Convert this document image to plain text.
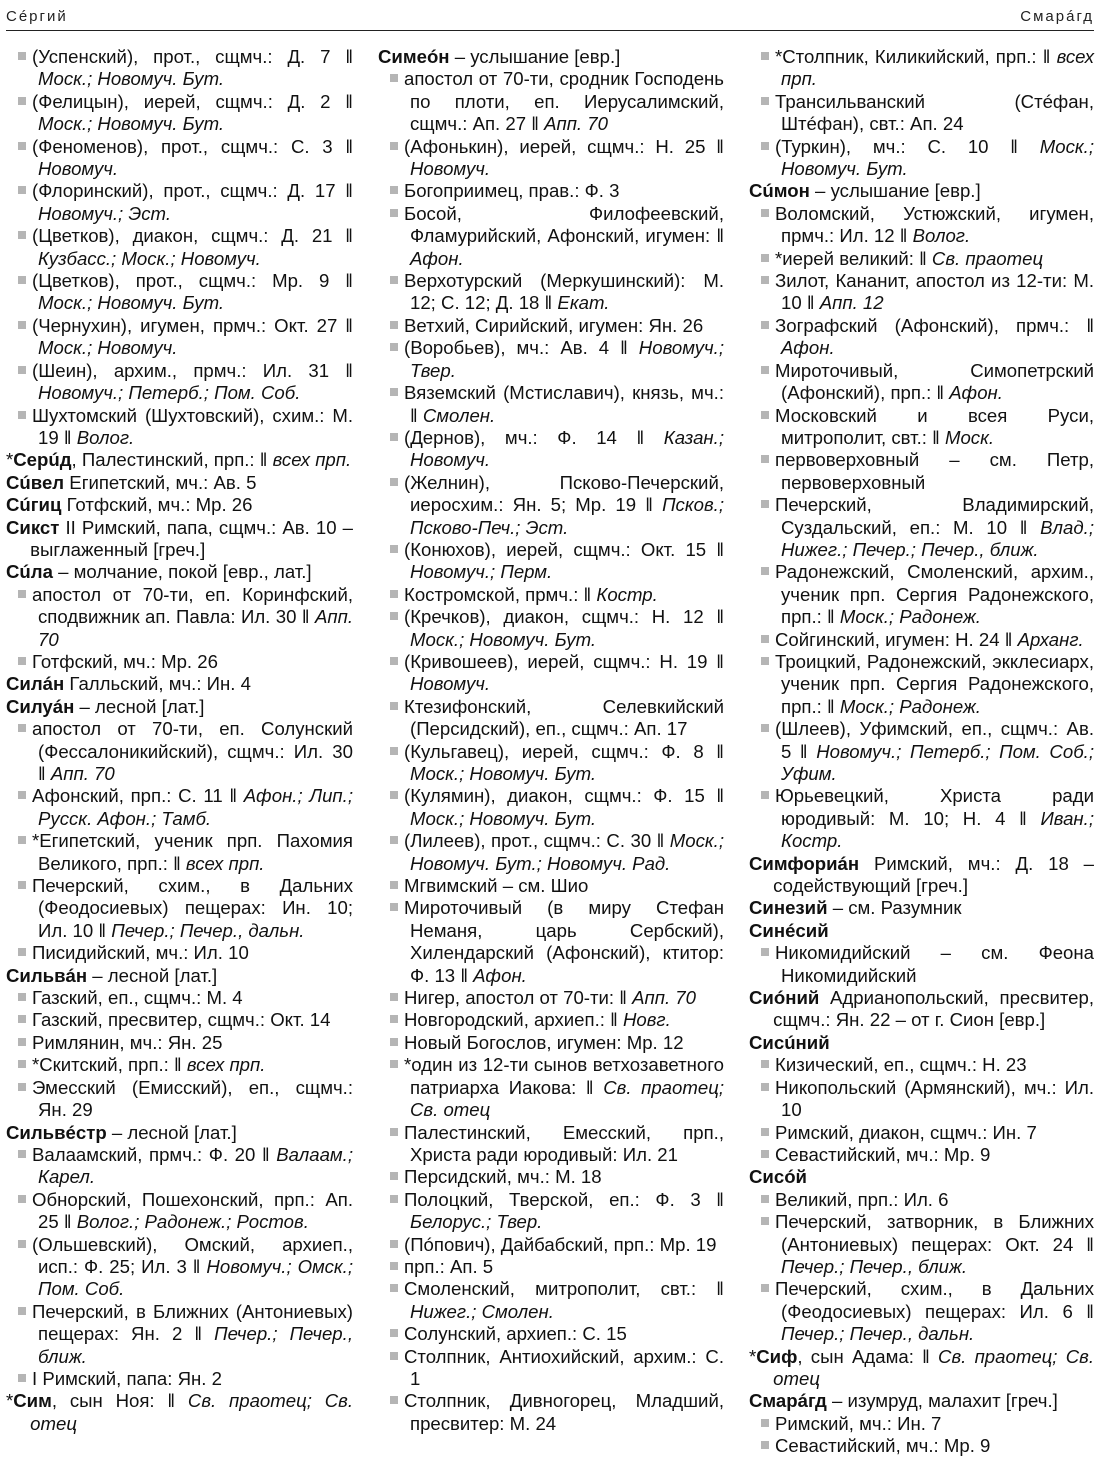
Сéргий	Смарáгд

(Успенский), прот., сщмч.: Д. 7 ‖ Моск.; Новомуч. Бут.

(Фелицын), иерей, сщмч.: Д. 2 ‖ Моск.; Новомуч. Бут.

(Феноменов), прот., сщмч.: С. 3 ‖ Новомуч.

(Флоринский), прот., сщмч.: Д. 17 ‖ Новомуч.; Эст.

(Цветков), диакон, сщмч.: Д. 21 ‖ Кузбасс.; Моск.; Новомуч.

(Цветков), прот., сщмч.: Мр. 9 ‖ Моск.; Новомуч. Бут.

(Чернухин), игумен, прмч.: Окт. 27 ‖ Моск.; Новомуч.

(Шеин), архим., прмч.: Ил. 31 ‖ Новомуч.; Петерб.; Пом. Соб.

Шухтомский (Шухтовский), схим.: М. 19 ‖ Волог.

*Серúд, Палестинский, прп.: ‖ всех прп.

Сúвел Египетский, мч.: Ав. 5

Сúгиц Готфский, мч.: Мр. 26

Сикст II Римский, папа, сщмч.: Ав. 10 – выглаженный [греч.]

Сúла – молчание, покой [евр., лат.]

апостол от 70-ти, еп. Коринфский, сподвижник ап. Павла: Ил. 30 ‖ Апп. 70

Готфский, мч.: Мр. 26

Силáн Галльский, мч.: Ин. 4

Силуáн – лесной [лат.]

апостол от 70-ти, еп. Солунский (Фессалоникийский), сщмч.: Ил. 30 ‖ Апп. 70

Афонский, прп.: С. 11 ‖ Афон.; Лип.; Русск. Афон.; Тамб.

*Египетский, ученик прп. Пахомия Великого, прп.: ‖ всех прп.

Печерский, схим., в Дальних (Феодосиевых) пещерах: Ин. 10; Ил. 10 ‖ Печер.; Печер., дальн.

Писидийский, мч.: Ил. 10

Сильвáн – лесной [лат.]

Газский, еп., сщмч.: М. 4

Газский, пресвитер, сщмч.: Окт. 14

Римлянин, мч.: Ян. 25

*Скитский, прп.: ‖ всех прп.

Эмесский (Емисский), еп., сщмч.: Ян. 29

Сильвéстр – лесной [лат.]

Валаамский, прмч.: Ф. 20 ‖ Валаам.; Карел.

Обнорский, Пошехонский, прп.: Ап. 25 ‖ Волог.; Радонеж.; Ростов.

(Ольшевский), Омский, архиеп., исп.: Ф. 25; Ил. 3 ‖ Новомуч.; Омск.; Пом. Соб.

Печерский, в Ближних (Антониевых) пещерах: Ян. 2 ‖ Печер.; Печер., ближ.

I Римский, папа: Ян. 2

*Сим, сын Ноя: ‖ Св. праотец; Св. отец

Симеóн – услышание [евр.]

апостол от 70-ти, сродник Господень по плоти, еп. Иерусалимский, сщмч.: Ап. 27 ‖ Апп. 70

(Афонькин), иерей, сщмч.: Н. 25 ‖ Новомуч.

Богоприимец, прав.: Ф. 3

Босой, Филофеевский, Фламурийский, Афонский, игумен: ‖ Афон.

Верхотурский (Меркушинский): М. 12; С. 12; Д. 18 ‖ Екат.

Ветхий, Сирийский, игумен: Ян. 26

(Воробьев), мч.: Ав. 4 ‖ Новомуч.; Твер.

Вяземский (Мстиславич), князь, мч.: ‖ Смолен.

(Дернов), мч.: Ф. 14 ‖ Казан.; Новомуч.

(Желнин), Псково-Печерский, иеросхим.: Ян. 5; Мр. 19 ‖ Псков.; Псково-Печ.; Эст.

(Конюхов), иерей, сщмч.: Окт. 15 ‖ Новомуч.; Перм.

Костромской, прмч.: ‖ Костр.

(Кречков), диакон, сщмч.: Н. 12 ‖ Моск.; Новомуч. Бут.

(Кривошеев), иерей, сщмч.: Н. 19 ‖ Новомуч.

Ктезифонский, Селевкийский (Персидский), еп., сщмч.: Ап. 17

(Кульгавец), иерей, сщмч.: Ф. 8 ‖ Моск.; Новомуч. Бут.

(Кулямин), диакон, сщмч.: Ф. 15 ‖ Моск.; Новомуч. Бут.

(Лилеев), прот., сщмч.: С. 30 ‖ Моск.; Новомуч. Бут.; Новомуч. Рад.

Мгвимский – см. Шио

Мироточивый (в миру Стефан Неманя, царь Сербский), Хилендарский (Афонский), ктитор: Ф. 13 ‖ Афон.

Нигер, апостол от 70-ти: ‖ Апп. 70

Новгородский, архиеп.: ‖ Новг.

Новый Богослов, игумен: Мр. 12

*один из 12-ти сынов ветхозаветного патриарха Иакова: ‖ Св. праотец; Св. отец

Палестинский, Емесский, прп., Христа ради юродивый: Ил. 21

Персидский, мч.: М. 18

Полоцкий, Тверской, еп.: Ф. 3 ‖ Белорус.; Твер.

(Пóпович), Дайбабский, прп.: Мр. 19

прп.: Ап. 5

Смоленский, митрополит, свт.: ‖ Нижег.; Смолен.

Солунский, архиеп.: С. 15

Столпник, Антиохийский, архим.: С. 1

Столпник, Дивногорец, Младший, пресвитер: М. 24

*Столпник, Киликийский, прп.: ‖ всех прп.

Трансильванский (Стéфан, Штéфан), свт.: Ап. 24

(Туркин), мч.: С. 10 ‖ Моск.; Новомуч. Бут.

Сúмон – услышание [евр.]

Воломский, Устюжский, игумен, прмч.: Ил. 12 ‖ Волог.

*иерей великий: ‖ Св. праотец

Зилот, Кананит, апостол из 12-ти: М. 10 ‖ Апп. 12

Зографский (Афонский), прмч.: ‖ Афон.

Мироточивый, Симопетрский (Афонский), прп.: ‖ Афон.

Московский и всея Руси, митрополит, свт.: ‖ Моск.

первоверховный – см. Петр, первоверховный

Печерский, Владимирский, Суздальский, еп.: М. 10 ‖ Влад.; Нижег.; Печер.; Печер., ближ.

Радонежский, Смоленский, архим., ученик прп. Сергия Радонежского, прп.: ‖ Моск.; Радонеж.

Сойгинский, игумен: Н. 24 ‖ Арханг.

Троицкий, Радонежский, экклесиарх, ученик прп. Сергия Радонежского, прп.: ‖ Моск.; Радонеж.

(Шлеев), Уфимский, еп., сщмч.: Ав. 5 ‖ Новомуч.; Петерб.; Пом. Соб.; Уфим.

Юрьевецкий, Христа ради юродивый: М. 10; Н. 4 ‖ Иван.; Костр.

Симфориáн Римский, мч.: Д. 18 – содействующий [греч.]

Синезий – см. Разумник

Синéсий

Никомидийский – см. Феона Никомидийский

Сиóний Адрианопольский, пресвитер, сщмч.: Ян. 22 – от г. Сион [евр.]

Сисúний

Кизический, еп., сщмч.: Н. 23

Никопольский (Армянский), мч.: Ил. 10

Римский, диакон, сщмч.: Ин. 7

Севастийский, мч.: Мр. 9

Сисóй

Великий, прп.: Ил. 6

Печерский, затворник, в Ближних (Антониевых) пещерах: Окт. 24 ‖ Печер.; Печер., ближ.

Печерский, схим., в Дальних (Феодосиевых) пещерах: Ил. 6 ‖ Печер.; Печер., дальн.

*Сиф, сын Адама: ‖ Св. праотец; Св. отец

Смарáгд – изумруд, малахит [греч.]

Римский, мч.: Ин. 7

Севастийский, мч.: Мр. 9
